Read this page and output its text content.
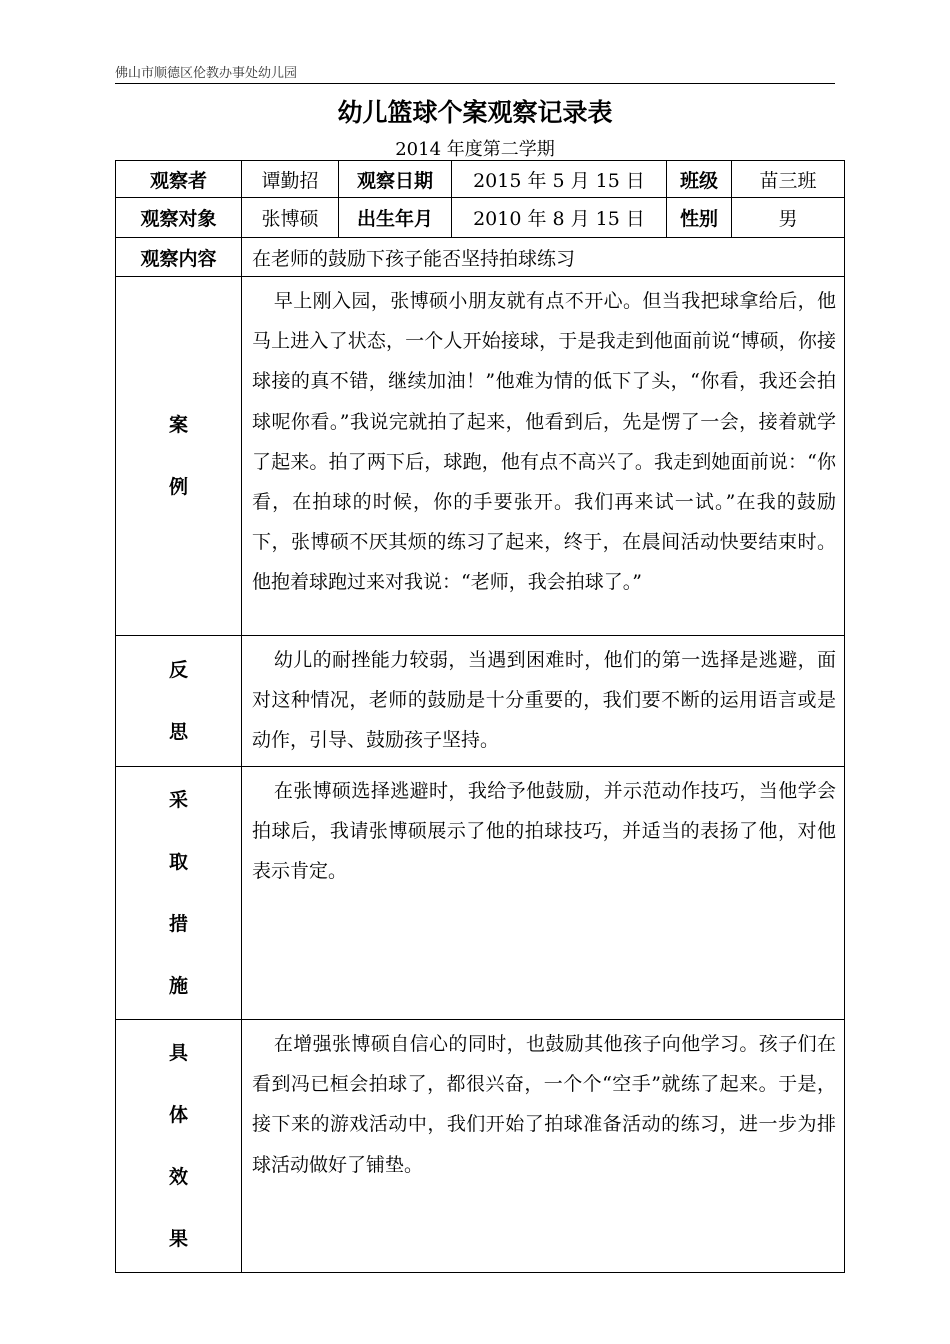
佛山市顺德区伦教办事处幼儿园
幼儿篮球个案观察记录表
2014 年度第二学期
观察者	谭勤招	观察日期	2015 年 5 月 15 日	班级	苗三班
观察对象	张博硕	出生年月	2010 年 8 月 15 日	性别	男
观察内容	在老师的鼓励下孩子能否坚持拍球练习				

案
例	早上刚入园，张博硕小朋友就有点不开心。但当我把球拿给后，他马上进入了状态，一个人开始接球，于是我走到他面前说“博硕，你接球接的真不错，继续加油！”他难为情的低下了头，“你看，我还会拍球呢你看。”我说完就拍了起来，他看到后，先是愣了一会，接着就学了起来。拍了两下后，球跑，他有点不高兴了。我走到她面前说：“你看，在拍球的时候，你的手要张开。我们再来试一试。”在我的鼓励下，张博硕不厌其烦的练习了起来，终于，在晨间活动快要结束时。他抱着球跑过来对我说：“老师，我会拍球了。”				

反
思	幼儿的耐挫能力较弱，当遇到困难时，他们的第一选择是逃避，面对这种情况，老师的鼓励是十分重要的，我们要不断的运用语言或是动作，引导、鼓励孩子坚持。				

采
取
措
施	在张博硕选择逃避时，我给予他鼓励，并示范动作技巧，当他学会拍球后，我请张博硕展示了他的拍球技巧，并适当的表扬了他，对他表示肯定。				

具
体
效
果	在增强张博硕自信心的同时，也鼓励其他孩子向他学习。孩子们在看到冯已桓会拍球了，都很兴奋，一个个“空手”就练了起来。于是，接下来的游戏活动中，我们开始了拍球准备活动的练习，进一步为排球活动做好了铺垫。				
